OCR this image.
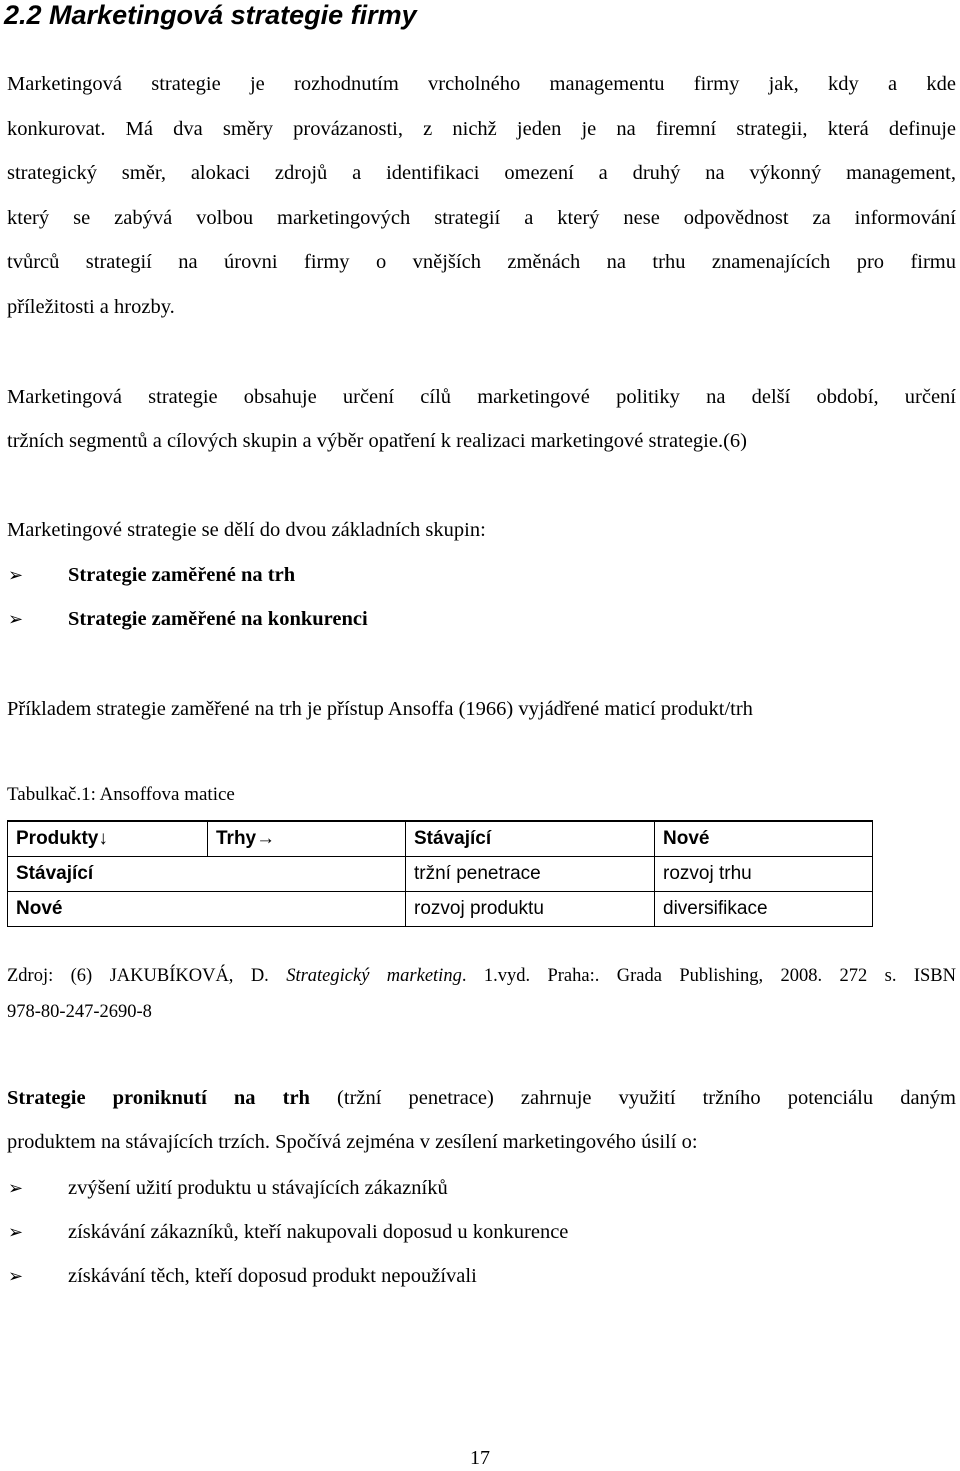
2.2 Marketingová strategie firmy
Marketingová strategie je rozhodnutím vrcholného managementu firmy jak, kdy a kde
konkurovat. Má dva směry provázanosti, z nichž jeden je na firemní strategii, která definuje
strategický směr, alokaci zdrojů a identifikaci omezení a druhý na výkonný management,
který se zabývá volbou marketingových strategií a který nese odpovědnost za informování
tvůrců strategií na úrovni firmy o vnějších změnách na trhu znamenajících pro firmu
příležitosti a hrozby.
Marketingová strategie obsahuje určení cílů marketingové politiky na delší období, určení
tržních segmentů a cílových skupin a výběr opatření k realizaci marketingové strategie.(6)
Marketingové strategie se dělí do dvou základních skupin:
➢ Strategie zaměřené na trh
➢ Strategie zaměřené na konkurenci
Příkladem strategie zaměřené na trh je přístup Ansoffa (1966) vyjádřené maticí produkt/trh
Tabulkač.1: Ansoffova matice
Produkty↓	Trhy→	Stávající	Nové
Stávající		tržní penetrace	rozvoj trhu
Nové		rozvoj produktu	diversifikace
Zdroj: (6) JAKUBÍKOVÁ, D. Strategický marketing. 1.vyd. Praha:. Grada Publishing, 2008. 272 s. ISBN
978-80-247-2690-8
Strategie proniknutí na trh (tržní penetrace) zahrnuje využití tržního potenciálu daným
produktem na stávajících trzích. Spočívá zejména v zesílení marketingového úsilí o:
➢ zvýšení užití produktu u stávajících zákazníků
➢ získávání zákazníků, kteří nakupovali doposud u konkurence
➢ získávání těch, kteří doposud produkt nepoužívali
17
